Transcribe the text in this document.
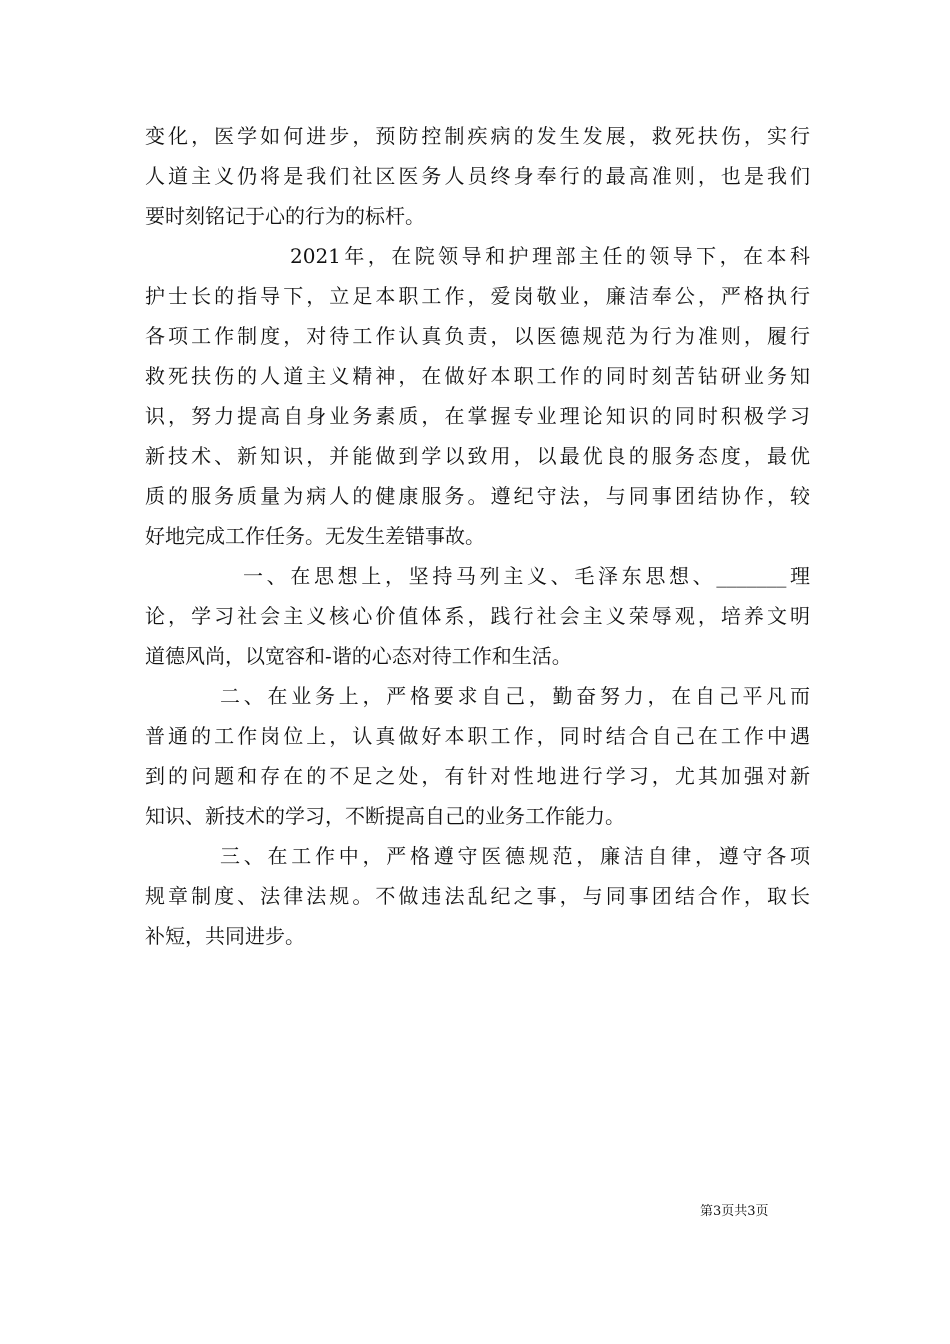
变化，医学如何进步，预防控制疾病的发生发展，救死扶伤，实行
人道主义仍将是我们社区医务人员终身奉行的最高准则，也是我们
要时刻铭记于心的行为的标杆。
2021年，在院领导和护理部主任的领导下，在本科
护士长的指导下，立足本职工作，爱岗敬业，廉洁奉公，严格执行
各项工作制度，对待工作认真负责，以医德规范为行为准则，履行
救死扶伤的人道主义精神，在做好本职工作的同时刻苦钻研业务知
识，努力提高自身业务素质，在掌握专业理论知识的同时积极学习
新技术、新知识，并能做到学以致用，以最优良的服务态度，最优
质的服务质量为病人的健康服务。遵纪守法，与同事团结协作，较
好地完成工作任务。无发生差错事故。
一、在思想上，坚持马列主义、毛泽东思想、_______理
论，学习社会主义核心价值体系，践行社会主义荣辱观，培养文明
道德风尚，以宽容和-谐的心态对待工作和生活。
二、在业务上，严格要求自己，勤奋努力，在自己平凡而
普通的工作岗位上，认真做好本职工作，同时结合自己在工作中遇
到的问题和存在的不足之处，有针对性地进行学习，尤其加强对新
知识、新技术的学习，不断提高自己的业务工作能力。
三、在工作中，严格遵守医德规范，廉洁自律，遵守各项
规章制度、法律法规。不做违法乱纪之事，与同事团结合作，取长
补短，共同进步。
第3页共3页
